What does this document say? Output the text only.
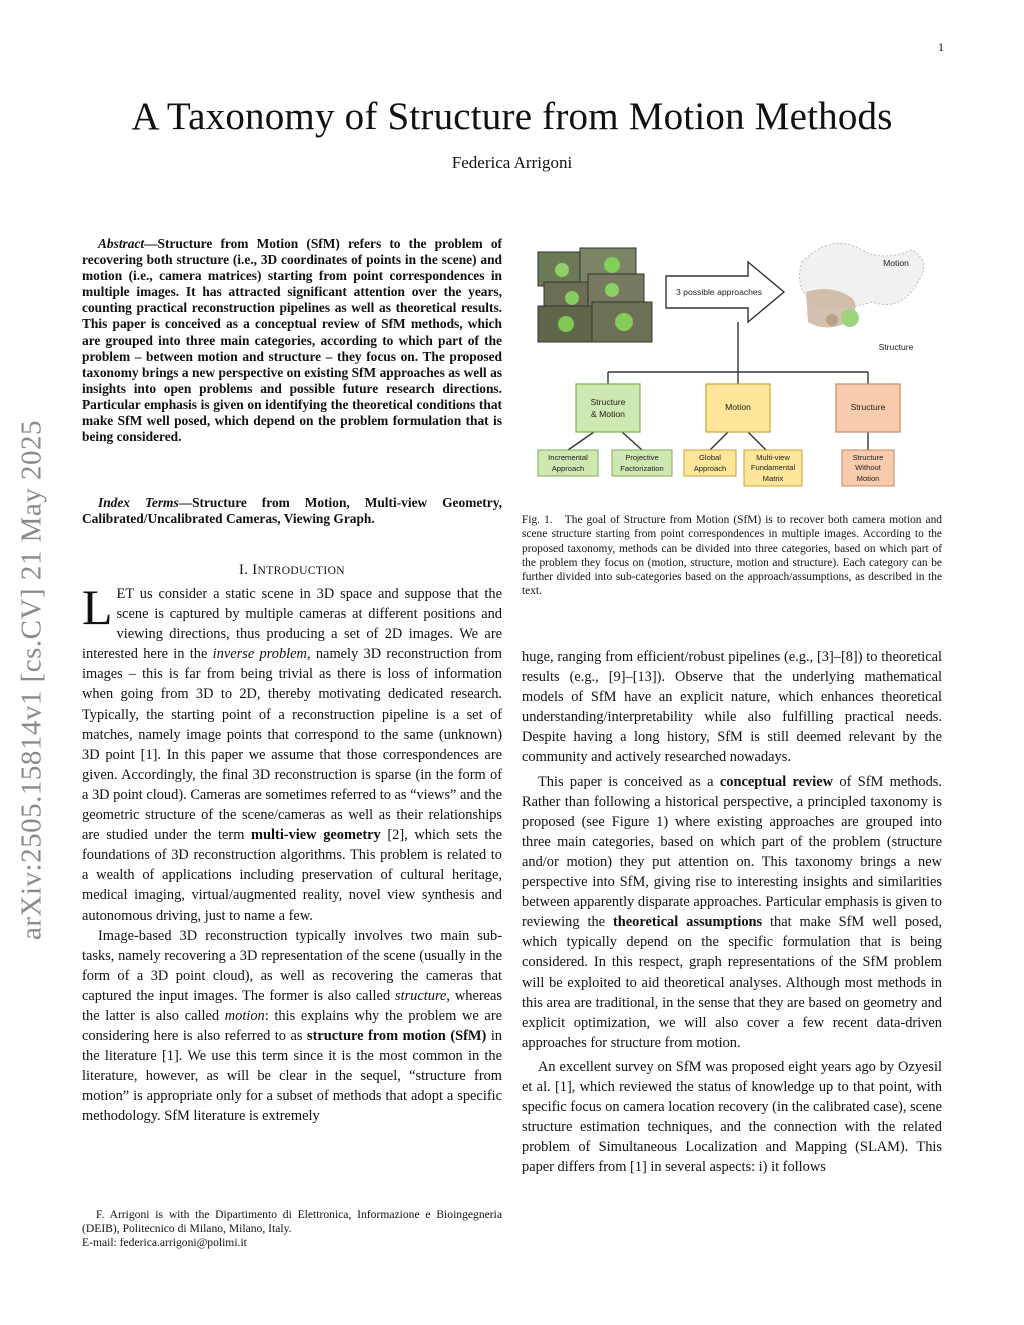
1
A Taxonomy of Structure from Motion Methods
Federica Arrigoni
arXiv:2505.15814v1 [cs.CV] 21 May 2025
Abstract—Structure from Motion (SfM) refers to the problem of recovering both structure (i.e., 3D coordinates of points in the scene) and motion (i.e., camera matrices) starting from point correspondences in multiple images. It has attracted significant attention over the years, counting practical reconstruction pipelines as well as theoretical results. This paper is conceived as a conceptual review of SfM methods, which are grouped into three main categories, according to which part of the problem – between motion and structure – they focus on. The proposed taxonomy brings a new perspective on existing SfM approaches as well as insights into open problems and possible future research directions. Particular emphasis is given on identifying the theoretical conditions that make SfM well posed, which depend on the problem formulation that is being considered.
Index Terms—Structure from Motion, Multi-view Geometry, Calibrated/Uncalibrated Cameras, Viewing Graph.
I. INTRODUCTION

LET us consider a static scene in 3D space and suppose that the scene is captured by multiple cameras at different positions and viewing directions, thus producing a set of 2D images. We are interested here in the inverse problem, namely 3D reconstruction from images – this is far from being trivial as there is loss of information when going from 3D to 2D, thereby motivating dedicated research. Typically, the starting point of a reconstruction pipeline is a set of matches, namely image points that correspond to the same (unknown) 3D point [1]. In this paper we assume that those correspondences are given. Accordingly, the final 3D reconstruction is sparse (in the form of a 3D point cloud). Cameras are sometimes referred to as “views” and the geometric structure of the scene/cameras as well as their relationships are studied under the term multi-view geometry [2], which sets the foundations of 3D reconstruction algorithms. This problem is related to a wealth of applications including preservation of cultural heritage, medical imaging, virtual/augmented reality, novel view synthesis and autonomous driving, just to name a few.

Image-based 3D reconstruction typically involves two main sub-tasks, namely recovering a 3D representation of the scene (usually in the form of a 3D point cloud), as well as recovering the cameras that captured the input images. The former is also called structure, whereas the latter is also called motion: this explains why the problem we are considering here is also referred to as structure from motion (SfM) in the literature [1]. We use this term since it is the most common in the literature, however, as will be clear in the sequel, “structure from motion” is appropriate only for a subset of methods that adopt a specific methodology. SfM literature is extremely

F. Arrigoni is with the Dipartimento di Elettronica, Informazione e Bioingegneria (DEIB), Politecnico di Milano, Milano, Italy.

E-mail: federica.arrigoni@polimi.it
3 possible approaches
Motion
Structure
Structure
& Motion
Motion	Structure
Incremental
Approach
Projective
Factorization
Global
Approach
Multi-view
Fundamental
Matrix
Structure
Without
Motion
Fig. 1. The goal of Structure from Motion (SfM) is to recover both camera motion and scene structure starting from point correspondences in multiple images. According to the proposed taxonomy, methods can be divided into three categories, based on which part of the problem they focus on (motion, structure, motion and structure). Each category can be further divided into sub-categories based on the approach/assumptions, as described in the text.

huge, ranging from efficient/robust pipelines (e.g., [3]–[8]) to theoretical results (e.g., [9]–[13]). Observe that the underlying mathematical models of SfM have an explicit nature, which enhances theoretical understanding/interpretability while also fulfilling practical needs. Despite having a long history, SfM is still deemed relevant by the community and actively researched nowadays.

This paper is conceived as a conceptual review of SfM methods. Rather than following a historical perspective, a principled taxonomy is proposed (see Figure 1) where existing approaches are grouped into three main categories, based on which part of the problem (structure and/or motion) they put attention on. This taxonomy brings a new perspective into SfM, giving rise to interesting insights and similarities between apparently disparate approaches. Particular emphasis is given to reviewing the theoretical assumptions that make SfM well posed, which typically depend on the specific formulation that is being considered. In this respect, graph representations of the SfM problem will be exploited to aid theoretical analyses. Although most methods in this area are traditional, in the sense that they are based on geometry and explicit optimization, we will also cover a few recent data-driven approaches for structure from motion.

An excellent survey on SfM was proposed eight years ago by Ozyesil et al. [1], which reviewed the status of knowledge up to that point, with specific focus on camera location recovery (in the calibrated case), scene structure estimation techniques, and the connection with the related problem of Simultaneous Localization and Mapping (SLAM). This paper differs from [1] in several aspects: i) it follows
